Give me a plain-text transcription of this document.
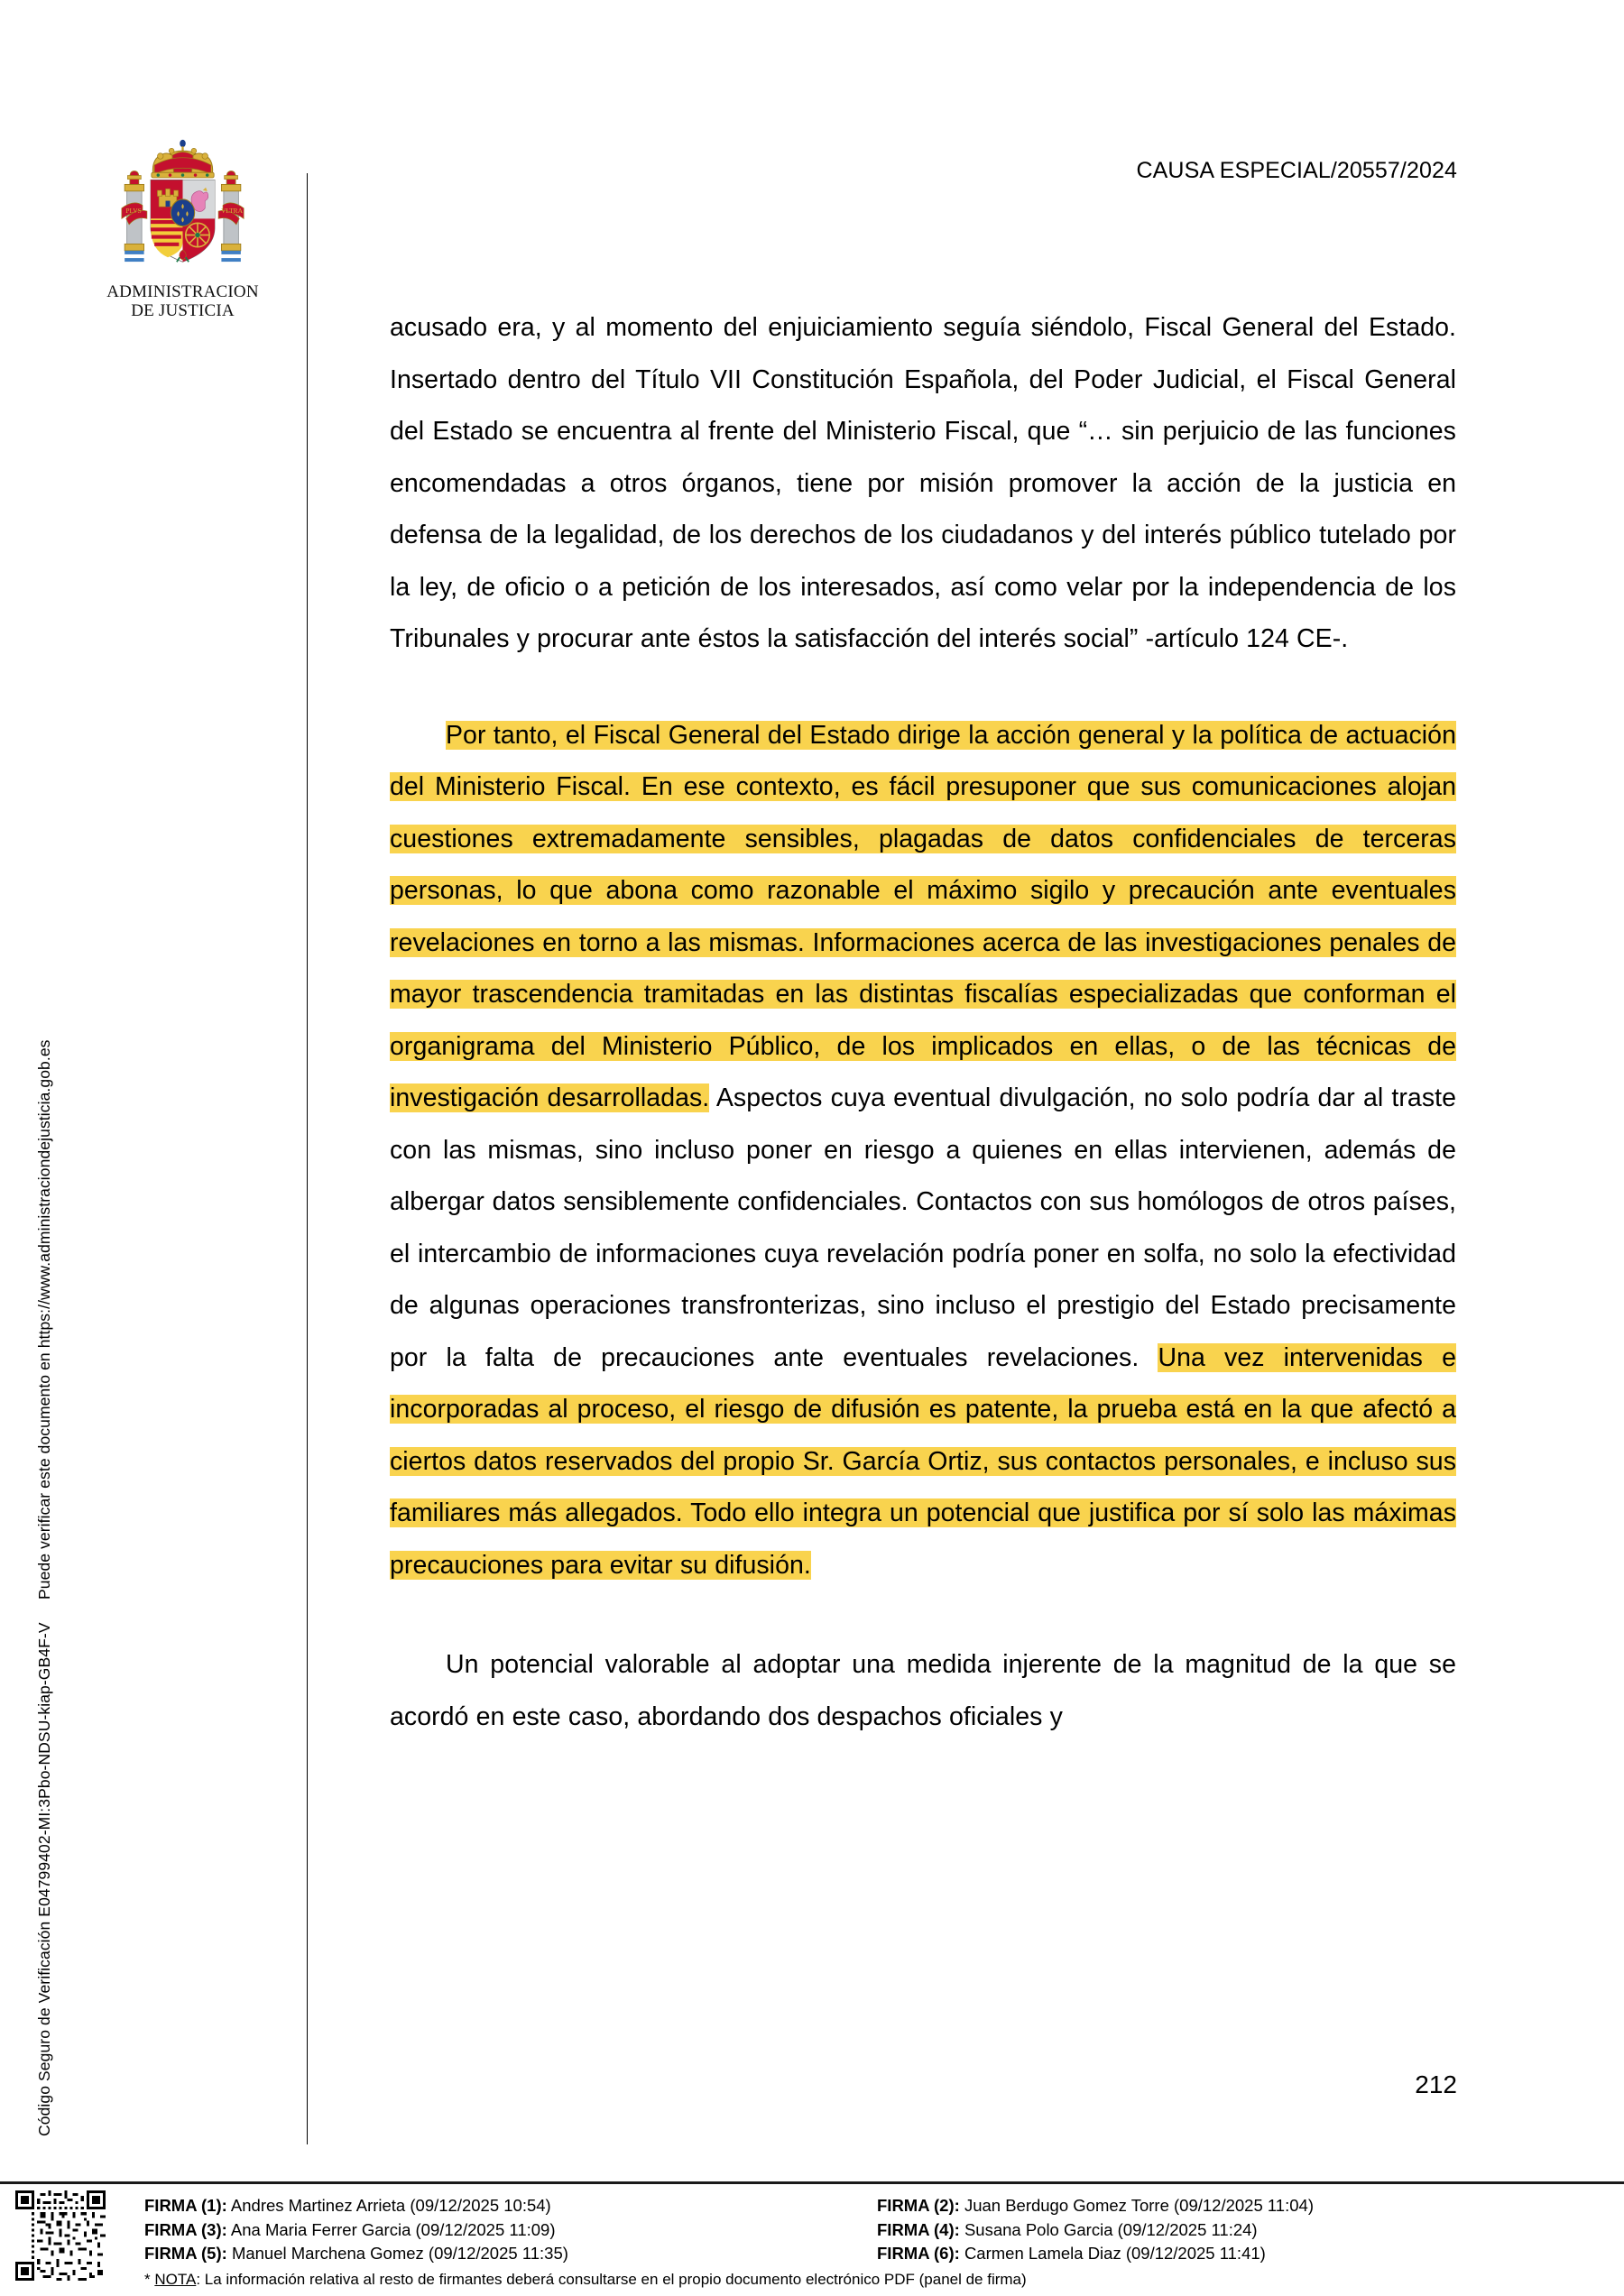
Puede verificar este documento en https://www.administraciondejusticia.gob.es
Código Seguro de Verificación E04799402-MI:3Pbo-NDSU-kiap-GB4F-V
PLVS	VLTRA
ADMINISTRACION
DE JUSTICIA
CAUSA ESPECIAL/20557/2024

acusado era, y al momento del enjuiciamiento seguía siéndolo, Fiscal General del Estado. Insertado dentro del Título VII Constitución Española, del Poder Judicial, el Fiscal General del Estado se encuentra al frente del Ministerio Fiscal, que “… sin perjuicio de las funciones encomendadas a otros órganos, tiene por misión promover la acción de la justicia en defensa de la legalidad, de los derechos de los ciudadanos y del interés público tutelado por la ley, de oficio o a petición de los interesados, así como velar por la independencia de los Tribunales y procurar ante éstos la satisfacción del interés social” -artículo 124 CE-.

Por tanto, el Fiscal General del Estado dirige la acción general y la política de actuación del Ministerio Fiscal. En ese contexto, es fácil presuponer que sus comunicaciones alojan cuestiones extremadamente sensibles, plagadas de datos confidenciales de terceras personas, lo que abona como razonable el máximo sigilo y precaución ante eventuales revelaciones en torno a las mismas. Informaciones acerca de las investigaciones penales de mayor trascendencia tramitadas en las distintas fiscalías especializadas que conforman el organigrama del Ministerio Público, de los implicados en ellas, o de las técnicas de investigación desarrolladas. Aspectos cuya eventual divulgación, no solo podría dar al traste con las mismas, sino incluso poner en riesgo a quienes en ellas intervienen, además de albergar datos sensiblemente confidenciales. Contactos con sus homólogos de otros países, el intercambio de informaciones cuya revelación podría poner en solfa, no solo la efectividad de algunas operaciones transfronterizas, sino incluso el prestigio del Estado precisamente por la falta de precauciones ante eventuales revelaciones. Una vez intervenidas e incorporadas al proceso, el riesgo de difusión es patente, la prueba está en la que afectó a ciertos datos reservados del propio Sr. García Ortiz, sus contactos personales, e incluso sus familiares más allegados. Todo ello integra un potencial que justifica por sí solo las máximas precauciones para evitar su difusión.

Un potencial valorable al adoptar una medida injerente de la magnitud de la que se acordó en este caso, abordando dos despachos oficiales y

212
FIRMA (1): Andres Martinez Arrieta (09/12/2025 10:54)	FIRMA (2): Juan Berdugo Gomez Torre (09/12/2025 11:04)
FIRMA (3): Ana Maria Ferrer Garcia (09/12/2025 11:09)	FIRMA (4): Susana Polo Garcia (09/12/2025 11:24)
FIRMA (5): Manuel Marchena Gomez (09/12/2025 11:35)	FIRMA (6): Carmen Lamela Diaz (09/12/2025 11:41)
* NOTA: La información relativa al resto de firmantes deberá consultarse en el propio documento electrónico PDF (panel de firma)
